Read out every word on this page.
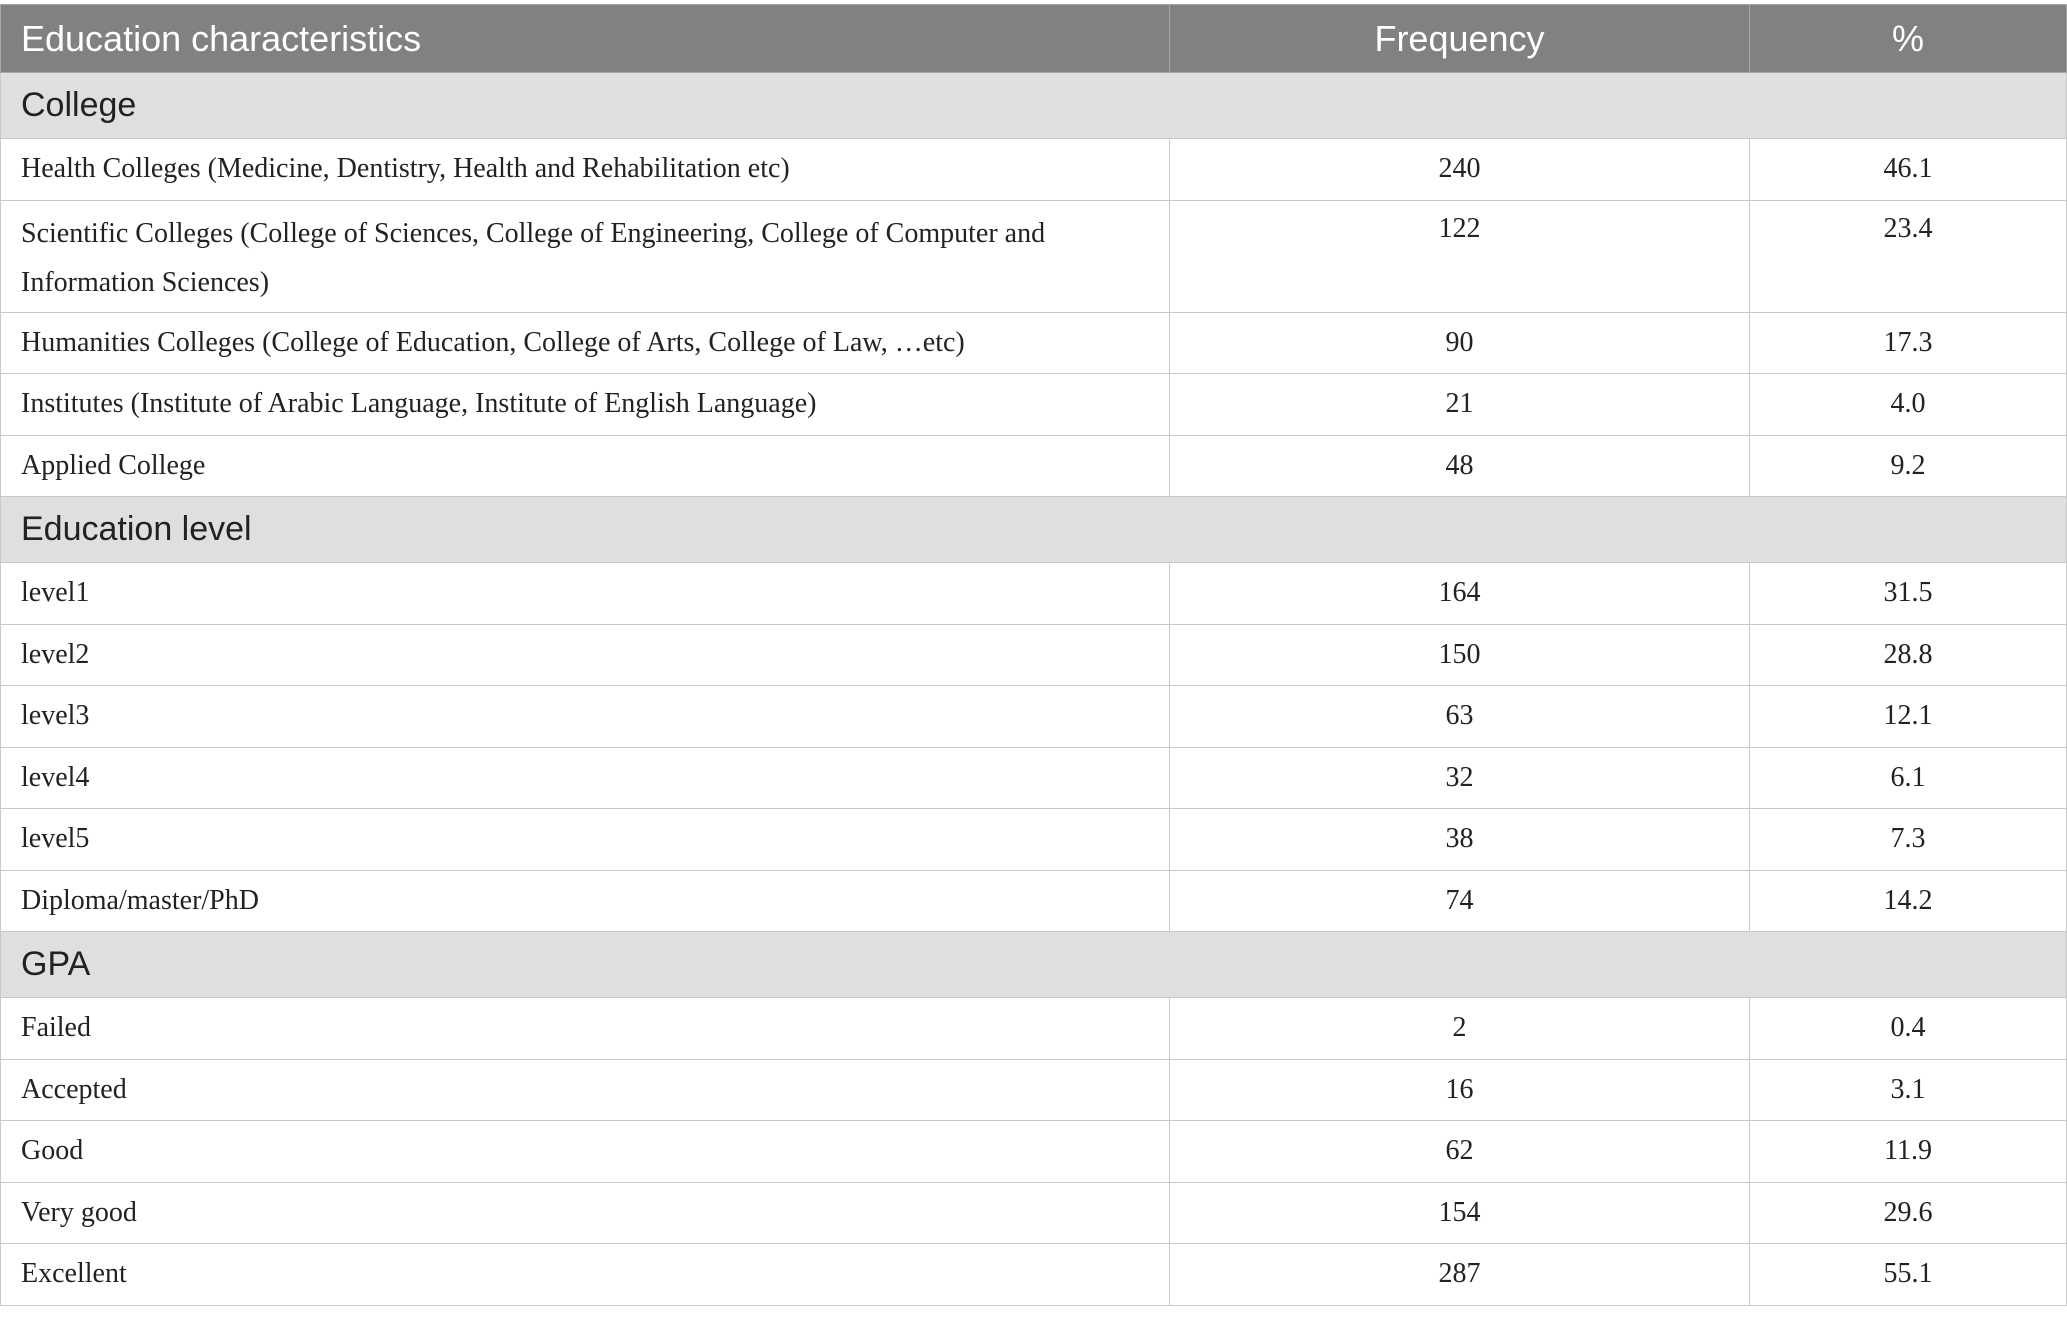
Education characteristics	Frequency	%
College		
Health Colleges (Medicine, Dentistry, Health and Rehabilitation etc)	240	46.1
Scientific Colleges (College of Sciences, College of Engineering, College of Computer and Information Sciences)	122	23.4
Humanities Colleges (College of Education, College of Arts, College of Law, …etc)	90	17.3
Institutes (Institute of Arabic Language, Institute of English Language)	21	4.0
Applied College	48	9.2
Education level		
level1	164	31.5
level2	150	28.8
level3	63	12.1
level4	32	6.1
level5	38	7.3
Diploma/master/PhD	74	14.2
GPA		
Failed	2	0.4
Accepted	16	3.1
Good	62	11.9
Very good	154	29.6
Excellent	287	55.1
